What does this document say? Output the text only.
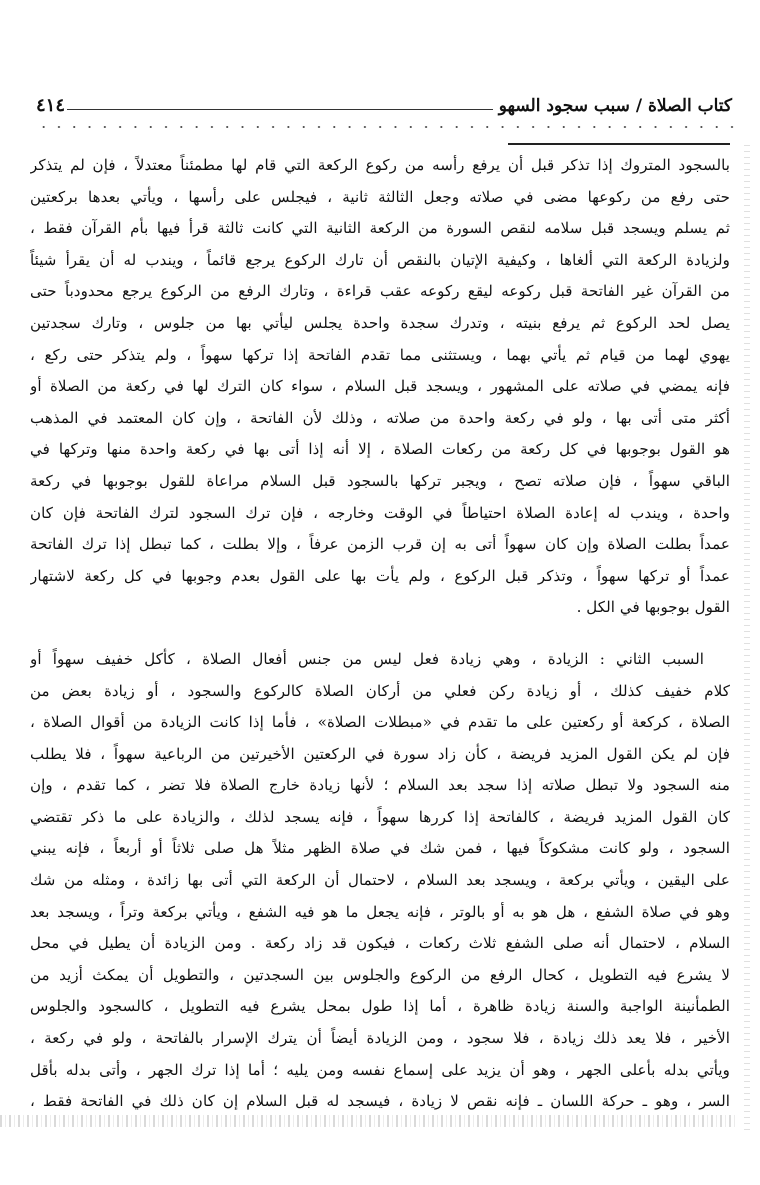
كتاب الصلاة / سبب سجود السهو
٤١٤

بالسجود المتروك إذا تذكر قبل أن يرفع رأسه من ركوع الركعة التي قام لها مطمئناً معتدلاً ، فإن لم يتذكر
حتى رفع من ركوعها مضى في صلاته وجعل الثالثة ثانية ، فيجلس على رأسها ، ويأتي بعدها بركعتين
ثم يسلم ويسجد قبل سلامه لنقص السورة من الركعة الثانية التي كانت ثالثة قرأ فيها بأم القرآن فقط ،
ولزيادة الركعة التي ألغاها ، وكيفية الإتيان بالنقص أن تارك الركوع يرجع قائماً ، ويندب له أن يقرأ شيئاً
من القرآن غير الفاتحة قبل ركوعه ليقع ركوعه عقب قراءة ، وتارك الرفع من الركوع يرجع محدودباً حتى
يصل لحد الركوع ثم يرفع بنيته ، وتدرك سجدة واحدة يجلس ليأتي بها من جلوس ، وتارك سجدتين
يهوي لهما من قيام ثم يأتي بهما ، ويستثنى مما تقدم الفاتحة إذا تركها سهواً ، ولم يتذكر حتى ركع ،
فإنه يمضي في صلاته على المشهور ، ويسجد قبل السلام ، سواء كان الترك لها في ركعة من الصلاة أو
أكثر متى أتى بها ، ولو في ركعة واحدة من صلاته ، وذلك لأن الفاتحة ، وإن كان المعتمد في المذهب
هو القول بوجوبها في كل ركعة من ركعات الصلاة ، إلا أنه إذا أتى بها في ركعة واحدة منها وتركها في
الباقي سهواً ، فإن صلاته تصح ، ويجبر تركها بالسجود قبل السلام مراعاة للقول بوجوبها في ركعة
واحدة ، ويندب له إعادة الصلاة احتياطاً في الوقت وخارجه ، فإن ترك السجود لترك الفاتحة فإن كان
عمداً بطلت الصلاة وإن كان سهواً أتى به إن قرب الزمن عرفاً ، وإلا بطلت ، كما تبطل إذا ترك الفاتحة
عمداً أو تركها سهواً ، وتذكر قبل الركوع ، ولم يأت بها على القول بعدم وجوبها في كل ركعة لاشتهار
القول بوجوبها في الكل .

السبب الثاني : الزيادة ، وهي زيادة فعل ليس من جنس أفعال الصلاة ، كأكل خفيف سهواً أو
كلام خفيف كذلك ، أو زيادة ركن فعلي من أركان الصلاة كالركوع والسجود ، أو زيادة بعض من
الصلاة ، كركعة أو ركعتين على ما تقدم في «مبطلات الصلاة» ، فأما إذا كانت الزيادة من أقوال الصلاة ،
فإن لم يكن القول المزيد فريضة ، كأن زاد سورة في الركعتين الأخيرتين من الرباعية سهواً ، فلا يطلب
منه السجود ولا تبطل صلاته إذا سجد بعد السلام ؛ لأنها زيادة خارج الصلاة فلا تضر ، كما تقدم ، وإن
كان القول المزيد فريضة ، كالفاتحة إذا كررها سهواً ، فإنه يسجد لذلك ، والزيادة على ما ذكر تقتضي
السجود ، ولو كانت مشكوكاً فيها ، فمن شك في صلاة الظهر مثلاً هل صلى ثلاثاً أو أربعاً ، فإنه يبني
على اليقين ، ويأتي بركعة ، ويسجد بعد السلام ، لاحتمال أن الركعة التي أتى بها زائدة ، ومثله من شك
وهو في صلاة الشفع ، هل هو به أو بالوتر ، فإنه يجعل ما هو فيه الشفع ، ويأتي بركعة وتراً ، ويسجد بعد
السلام ، لاحتمال أنه صلى الشفع ثلاث ركعات ، فيكون قد زاد ركعة . ومن الزيادة أن يطيل في محل
لا يشرع فيه التطويل ، كحال الرفع من الركوع والجلوس بين السجدتين ، والتطويل أن يمكث أزيد من
الطمأنينة الواجبة والسنة زيادة ظاهرة ، أما إذا طول بمحل يشرع فيه التطويل ، كالسجود والجلوس
الأخير ، فلا يعد ذلك زيادة ، فلا سجود ، ومن الزيادة أيضاً أن يترك الإسرار بالفاتحة ، ولو في ركعة ،
ويأتي بدله بأعلى الجهر ، وهو أن يزيد على إسماع نفسه ومن يليه ؛ أما إذا ترك الجهر ، وأتى بدله بأقل
السر ، وهو ـ حركة اللسان ـ فإنه نقص لا زيادة ، فيسجد له قبل السلام إن كان ذلك في الفاتحة فقط ،
